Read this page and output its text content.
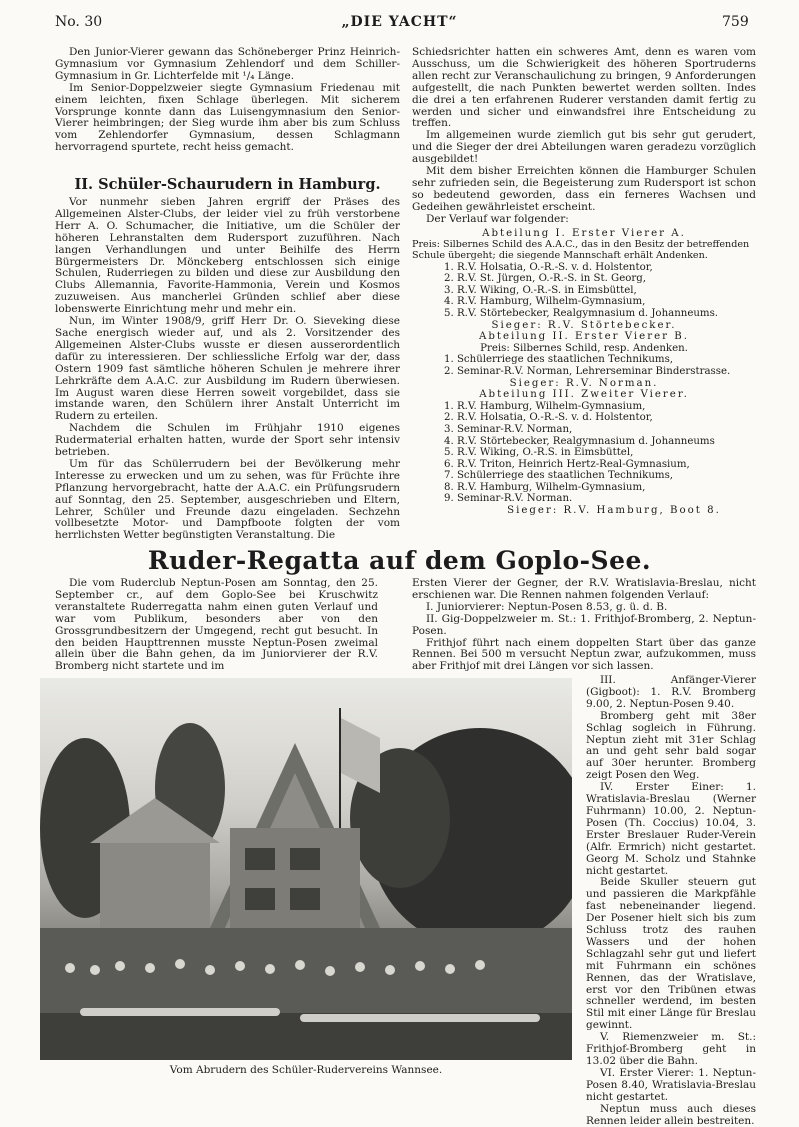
No. 30	„DIE YACHT“	759

Den Junior-Vierer gewann das Schöneberger Prinz Heinrich-Gymnasium vor Gymnasium Zehlendorf und dem Schiller-Gymnasium in Gr. Lichterfelde mit ¹/₄ Länge.

Im Senior-Doppelzweier siegte Gymnasium Friedenau mit einem leichten, fixen Schlage überlegen. Mit sicherem Vorsprunge konnte dann das Luisengymnasium den Senior-Vierer heimbringen; der Sieg wurde ihm aber bis zum Schluss vom Zehlendorfer Gymnasium, dessen Schlagmann hervorragend spurtete, recht heiss gemacht.

II. Schüler-Schaurudern in Hamburg.

Vor nunmehr sieben Jahren ergriff der Präses des Allgemeinen Alster-Clubs, der leider viel zu früh verstorbene Herr A. O. Schumacher, die Initiative, um die Schüler der höheren Lehranstalten dem Rudersport zuzuführen. Nach langen Verhandlungen und unter Beihilfe des Herrn Bürgermeisters Dr. Mönckeberg entschlossen sich einige Schulen, Ruderriegen zu bilden und diese zur Ausbildung den Clubs Allemannia, Favorite-Hammonia, Verein und Kosmos zuzuweisen. Aus mancherlei Gründen schlief aber diese lobenswerte Einrichtung mehr und mehr ein.

Nun, im Winter 1908/9, griff Herr Dr. O. Sieveking diese Sache energisch wieder auf, und als 2. Vorsitzender des Allgemeinen Alster-Clubs wusste er diesen ausserordentlich dafür zu interessieren. Der schliessliche Erfolg war der, dass Ostern 1909 fast sämtliche höheren Schulen je mehrere ihrer Lehrkräfte dem A.A.C. zur Ausbildung im Rudern überwiesen. Im August waren diese Herren soweit vorgebildet, dass sie imstande waren, den Schülern ihrer Anstalt Unterricht im Rudern zu erteilen.

Nachdem die Schulen im Frühjahr 1910 eigenes Rudermaterial erhalten hatten, wurde der Sport sehr intensiv betrieben.

Um für das Schülerrudern bei der Bevölkerung mehr Interesse zu erwecken und um zu sehen, was für Früchte ihre Pflanzung hervorgebracht, hatte der A.A.C. ein Prüfungsrudern auf Sonntag, den 25. September, ausgeschrieben und Eltern, Lehrer, Schüler und Freunde dazu eingeladen. Sechzehn vollbesetzte Motor- und Dampfboote folgten der vom herrlichsten Wetter begünstigten Veranstaltung. Die

Schiedsrichter hatten ein schweres Amt, denn es waren vom Ausschuss, um die Schwierigkeit des höheren Sportruderns allen recht zur Veranschaulichung zu bringen, 9 Anforderungen aufgestellt, die nach Punkten bewertet werden sollten. Indes die drei a ten erfahrenen Ruderer verstanden damit fertig zu werden und sicher und einwandsfrei ihre Entscheidung zu treffen.

Im allgemeinen wurde ziemlich gut bis sehr gut gerudert, und die Sieger der drei Abteilungen waren geradezu vorzüglich ausgebildet!

Mit dem bisher Erreichten können die Hamburger Schulen sehr zufrieden sein, die Begeisterung zum Rudersport ist schon so bedeutend geworden, dass ein ferneres Wachsen und Gedeihen gewährleistet erscheint.

Der Verlauf war folgender:

Abteilung I. Erster Vierer A.
Preis: Silbernes Schild des A.A.C., das in den Besitz der betreffenden Schule übergeht; die siegende Mannschaft erhält Andenken.
1. R.V. Holsatia, O.-R.-S. v. d. Holstentor,
2. R.V. St. Jürgen, O.-R.-S. in St. Georg,
3. R.V. Wiking, O.-R.-S. in Eimsbüttel,
4. R.V. Hamburg, Wilhelm-Gymnasium,
5. R.V. Störtebecker, Realgymnasium d. Johanneums.
Sieger: R.V. Störtebecker.
Abteilung II. Erster Vierer B.
Preis: Silbernes Schild, resp. Andenken.
1. Schülerriege des staatlichen Technikums,
2. Seminar-R.V. Norman, Lehrerseminar Binderstrasse.
Sieger: R.V. Norman.
Abteilung III. Zweiter Vierer.
1. R.V. Hamburg, Wilhelm-Gymnasium,
2. R.V. Holsatia, O.-R.-S. v. d. Holstentor,
3. Seminar-R.V. Norman,
4. R.V. Störtebecker, Realgymnasium d. Johanneums
5. R.V. Wiking, O.-R.S. in Eimsbüttel,
6. R.V. Triton, Heinrich Hertz-Real-Gymnasium,
7. Schülerriege des staatlichen Technikums,
8. R.V. Hamburg, Wilhelm-Gymnasium,
9. Seminar-R.V. Norman.
Sieger: R.V. Hamburg, Boot 8.
Ruder-Regatta auf dem Goplo-See.

Die vom Ruderclub Neptun-Posen am Sonntag, den 25. September cr., auf dem Goplo-See bei Kruschwitz veranstaltete Ruderregatta nahm einen guten Verlauf und war vom Publikum, besonders aber von den Grossgrundbesitzern der Umgegend, recht gut besucht. In den beiden Haupttrennen musste Neptun-Posen zweimal allein über die Bahn gehen, da im Juniorvierer der R.V. Bromberg nicht startete und im

Ersten Vierer der Gegner, der R.V. Wratislavia-Breslau, nicht erschienen war. Die Rennen nahmen folgenden Verlauf:

I. Juniorvierer: Neptun-Posen 8.53, g. ü. d. B.

II. Gig-Doppelzweier m. St.: 1. Frithjof-Bromberg, 2. Neptun-Posen.

Frithjof führt nach einem doppelten Start über das ganze Rennen. Bei 500 m versucht Neptun zwar, aufzukommen, muss aber Frithjof mit drei Längen vor sich lassen.

III. Anfänger-Vierer (Gigboot): 1. R.V. Bromberg 9.00, 2. Neptun-Posen 9.40.

Bromberg geht mit 38er Schlag sogleich in Führung. Neptun zieht mit 31er Schlag an und geht sehr bald sogar auf 30er herunter. Bromberg zeigt Posen den Weg.

IV. Erster Einer: 1. Wratislavia-Breslau (Werner Fuhrmann) 10.00, 2. Neptun-Posen (Th. Coccius) 10.04, 3. Erster Breslauer Ruder-Verein (Alfr. Ermrich) nicht gestartet. Georg M. Scholz und Stahnke nicht gestartet.

Beide Skuller steuern gut und passieren die Markpfähle fast nebeneinander liegend. Der Posener hielt sich bis zum Schluss trotz des rauhen Wassers und der hohen Schlagzahl sehr gut und liefert mit Fuhrmann ein schönes Rennen, das der Wratislave, erst vor den Tribünen etwas schneller werdend, im besten Stil mit einer Länge für Breslau gewinnt.

V. Riemenzweier m. St.: Frithjof-Bromberg geht in 13.02 über die Bahn.

VI. Erster Vierer: 1. Neptun-Posen 8.40, Wratislavia-Breslau nicht gestartet.

Neptun muss auch dieses Rennen leider allein bestreiten.

Vom Abrudern des Schüler-Rudervereins Wannsee.
